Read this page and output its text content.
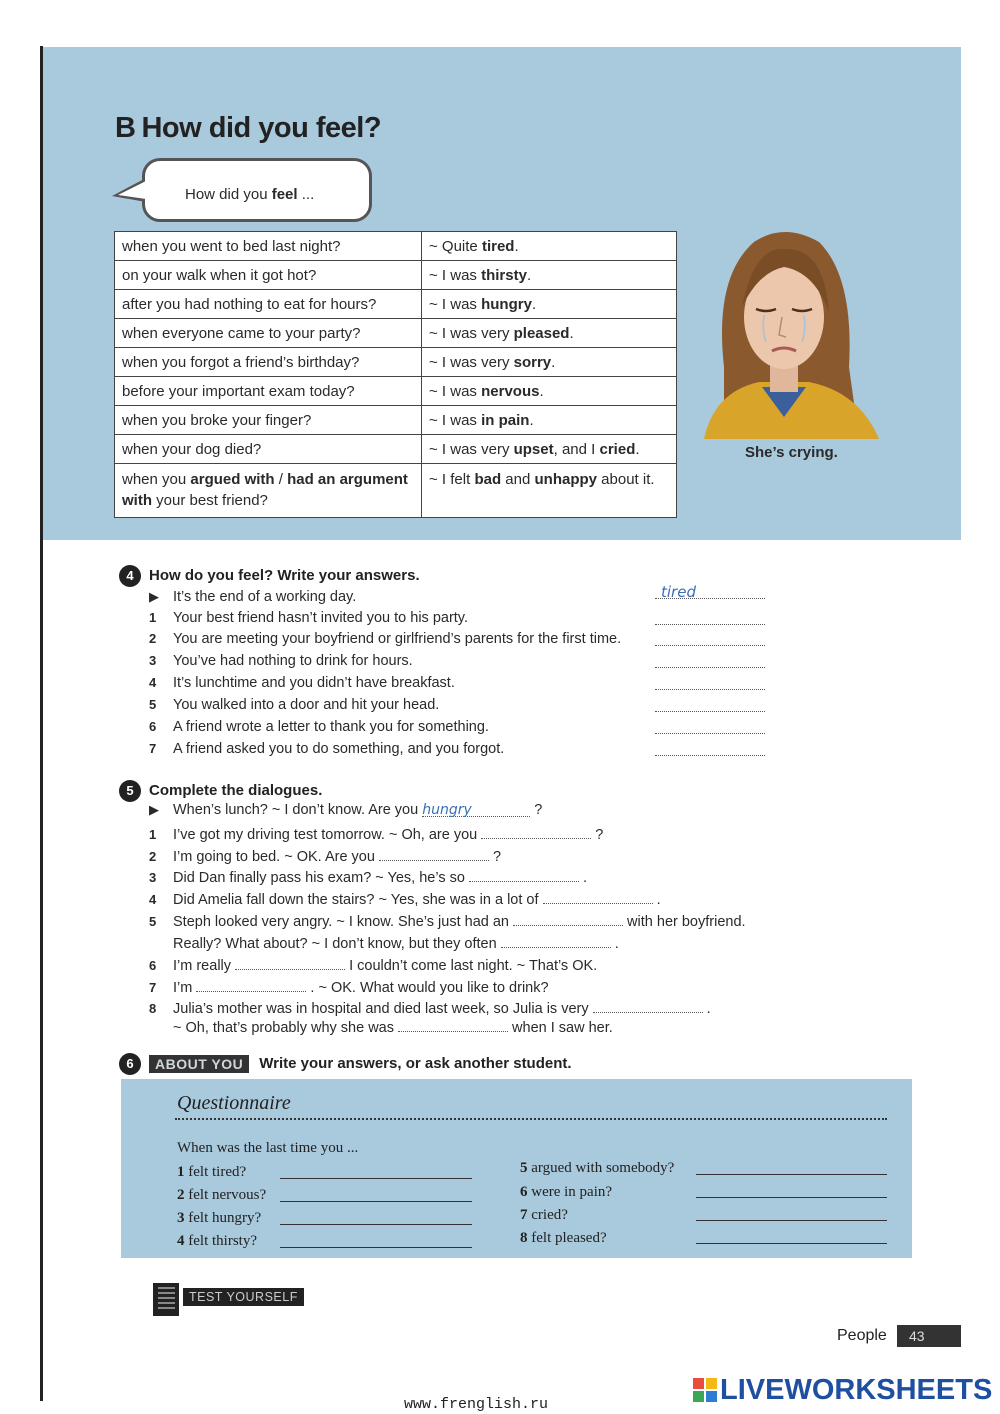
B How did you feel?
How did you feel ...
when you went to bed last night?	~ Quite tired.
on your walk when it got hot?	~ I was thirsty.
after you had nothing to eat for hours?	~ I was hungry.
when everyone came to your party?	~ I was very pleased.
when you forgot a friend’s birthday?	~ I was very sorry.
before your important exam today?	~ I was nervous.
when you broke your finger?	~ I was in pain.
when your dog died?	~ I was very upset, and I cried.
when you argued with / had an argument
with your best friend?	~ I felt bad and unhappy about it.
She’s crying.
4 How do you feel? Write your answers.
▶ It’s the end of a working day.	tired
1 Your best friend hasn’t invited you to his party.
2 You are meeting your boyfriend or girlfriend’s parents for the first time.
3 You’ve had nothing to drink for hours.
4 It’s lunchtime and you didn’t have breakfast.
5 You walked into a door and hit your head.
6 A friend wrote a letter to thank you for something.
7 A friend asked you to do something, and you forgot.
5 Complete the dialogues.
▶ When’s lunch? ~ I don’t know. Are you hungry	?
1 I’ve got my driving test tomorrow. ~ Oh, are you	?
2 I’m going to bed. ~ OK. Are you	?
3 Did Dan finally pass his exam? ~ Yes, he’s so	.
4 Did Amelia fall down the stairs? ~ Yes, she was in a lot of	.
5 Steph looked very angry. ~ I know. She’s just had an	with her boyfriend.
Really? What about? ~ I don’t know, but they often	.
6 I’m really	I couldn’t come last night. ~ That’s OK.
7 I’m	. ~ OK. What would you like to drink?
8 Julia’s mother was in hospital and died last week, so Julia is very	.
~ Oh, that’s probably why she was	when I saw her.
6 ABOUT YOU Write your answers, or ask another student.
Questionnaire
When was the last time you ...
1 felt tired?
2 felt nervous?
3 felt hungry?
4 felt thirsty?
5 argued with somebody?
6 were in pain?
7 cried?
8 felt pleased?
TEST YOURSELF
People	43
www.frenglish.ru	LIVEWORKSHEETS
